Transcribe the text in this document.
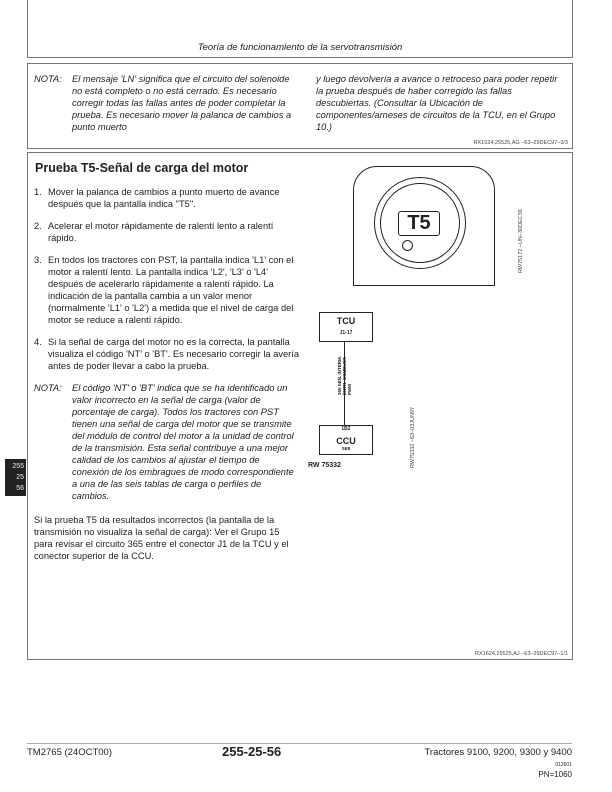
Teoría de funcionamiento de la servotransmisión
NOTA:	El mensaje 'LN' significa que el circuito del solenoide no está completo o no está cerrado. Es necesario corregir todas las fallas antes de poder completar la prueba. Es necesario mover la palanca de cambios a punto muerto
y luego devolvería a avance o retroceso para poder repetir la prueba después de haber corregido las fallas descubiertas. (Consultar la Ubicación de componentes/arneses de circuitos de la TCU, en el Grupo 10.)
RX1624,25525,AG –63–29DEC97–3/3
Prueba T5-Señal de carga del motor
1. Mover la palanca de cambios a punto muerto de avance después que la pantalla indica "T5".
2. Acelerar el motor rápidamente de ralentí lento a ralentí rápido.
3. En todos los tractores con PST, la pantalla indica 'L1' con el motor a ralentí lento. La pantalla indica 'L2', 'L3' o 'L4' después de acelerarlo rápidamente a ralentí rápido. La indicación de la pantalla cambia a un valor menor (normalmente 'L1' o 'L2') a medida que el nivel de carga del motor se reduce a ralentí rápido.
4. Si la señal de carga del motor no es la correcta, la pantalla visualiza el código 'NT' o 'BT'. Es necesario corregir la avería antes de poder llevar a cabo la prueba.
NOTA:	El código 'NT' o 'BT' indica que se ha identificado un valor incorrecto en la señal de carga (valor de porcentaje de carga). Todos los tractores con PST tienen una señal de carga del motor que se transmite del módulo de control del motor a la unidad de control de la transmisión. Esta señal contribuye a una mejor calidad de los cambios al ajustar el tiempo de conexión de los embragues de modo correspondiente a una de las seis tablas de carga o perfiles de cambios.

Si la prueba T5 da resultados incorrectos (la pantalla de la transmisión no visualiza la señal de carga): Ver el Grupo 15 para revisar el circuito 365 entre el conector J1 de la TCU y el conector superior de la CCU.

RX1624,25525,AJ –63–29DEC97–1/1
T5	RW75172 –UN–30DEC36
TCU
J1-17
365 SEÑ. INTERM. ENTR. COMBUST. PWM
1B2
CCU
SE8
RW 75332	RW75332 –63–03JUN97
255
25
56
TM2765 (24OCT00)	255-25-56	Tractores 9100, 9200, 9300 y 9400
012601
PN=1060
